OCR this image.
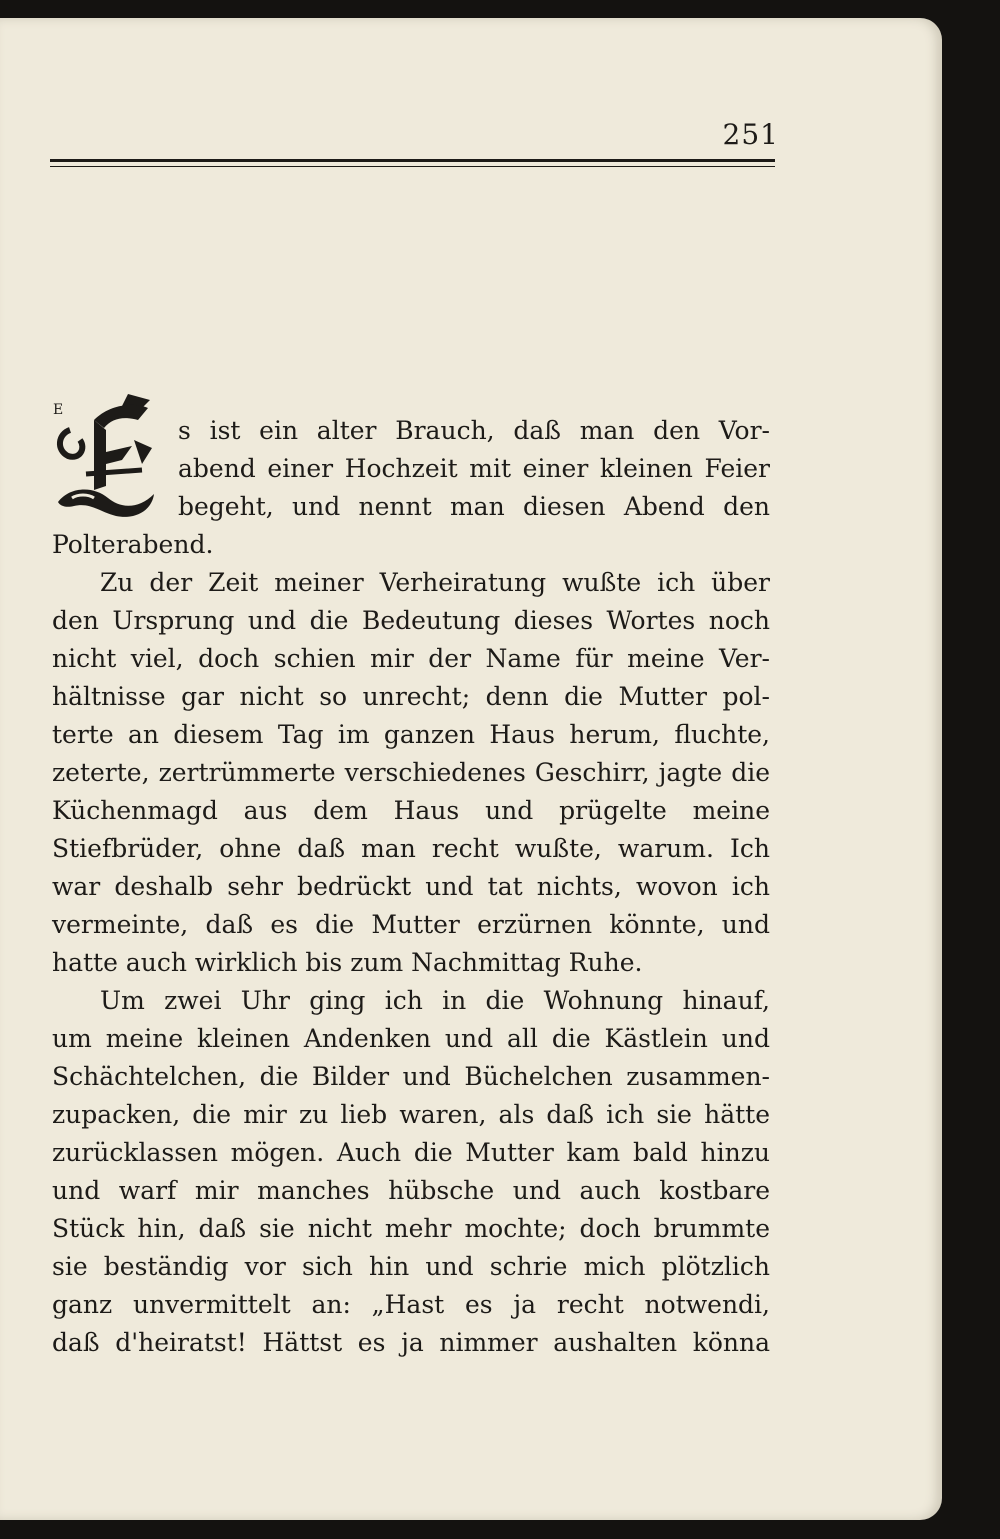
251
E
s ist ein alter Brauch, daß man den Vor-
abend einer Hochzeit mit einer kleinen Feier
begeht, und nennt man diesen Abend den
Polterabend.
Zu der Zeit meiner Verheiratung wußte ich über
den Ursprung und die Bedeutung dieses Wortes noch
nicht viel, doch schien mir der Name für meine Ver-
hältnisse gar nicht so unrecht; denn die Mutter pol-
terte an diesem Tag im ganzen Haus herum, fluchte,
zeterte, zertrümmerte verschiedenes Geschirr, jagte die
Küchenmagd aus dem Haus und prügelte meine
Stiefbrüder, ohne daß man recht wußte, warum. Ich
war deshalb sehr bedrückt und tat nichts, wovon ich
vermeinte, daß es die Mutter erzürnen könnte, und
hatte auch wirklich bis zum Nachmittag Ruhe.
Um zwei Uhr ging ich in die Wohnung hinauf,
um meine kleinen Andenken und all die Kästlein und
Schächtelchen, die Bilder und Büchelchen zusammen-
zupacken, die mir zu lieb waren, als daß ich sie hätte
zurücklassen mögen. Auch die Mutter kam bald hinzu
und warf mir manches hübsche und auch kostbare
Stück hin, daß sie nicht mehr mochte; doch brummte
sie beständig vor sich hin und schrie mich plötzlich
ganz unvermittelt an: „Hast es ja recht notwendi,
daß d'heiratst! Hättst es ja nimmer aushalten könna
